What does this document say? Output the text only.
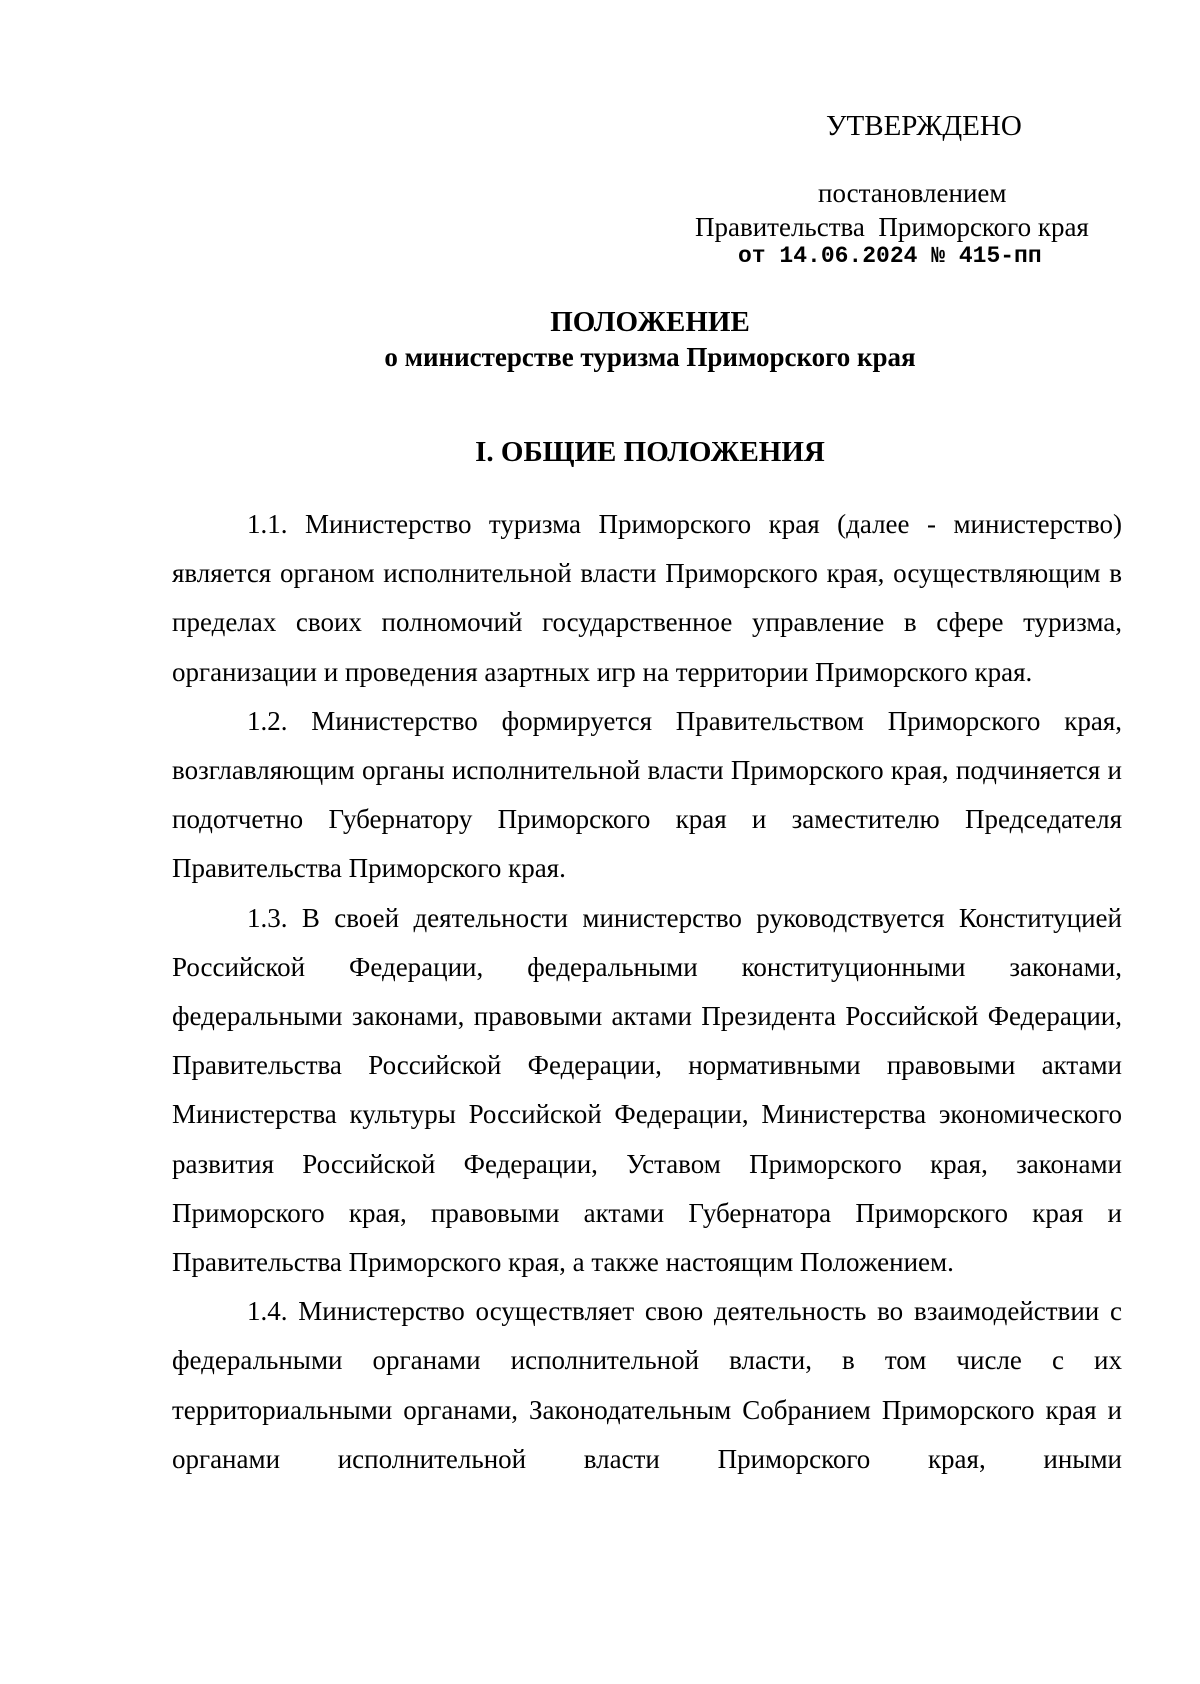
УТВЕРЖДЕНО
постановлением
Правительства  Приморского края
от 14.06.2024 № 415-пп
ПОЛОЖЕНИЕ
о министерстве туризма Приморского края
I. ОБЩИЕ ПОЛОЖЕНИЯ

1.1. Министерство туризма Приморского края (далее - министерство) является органом исполнительной власти Приморского края, осуществляющим в пределах своих полномочий государственное управление в сфере туризма, организации и проведения азартных игр на территории Приморского края.

1.2. Министерство формируется Правительством Приморского края, возглавляющим органы исполнительной власти Приморского края, подчиняется и подотчетно Губернатору Приморского края и заместителю Председателя Правительства Приморского края.

1.3. В своей деятельности министерство руководствуется Конституцией Российской Федерации, федеральными конституционными законами, федеральными законами, правовыми актами Президента Российской Федерации, Правительства Российской Федерации, нормативными правовыми актами Министерства культуры Российской Федерации, Министерства экономического развития Российской Федерации, Уставом Приморского края, законами Приморского края, правовыми актами Губернатора Приморского края и Правительства Приморского края, а также настоящим Положением.

1.4. Министерство осуществляет свою деятельность во взаимодействии с федеральными органами исполнительной власти, в том числе с их территориальными органами, Законодательным Собранием Приморского края и органами исполнительной власти Приморского края, иными
